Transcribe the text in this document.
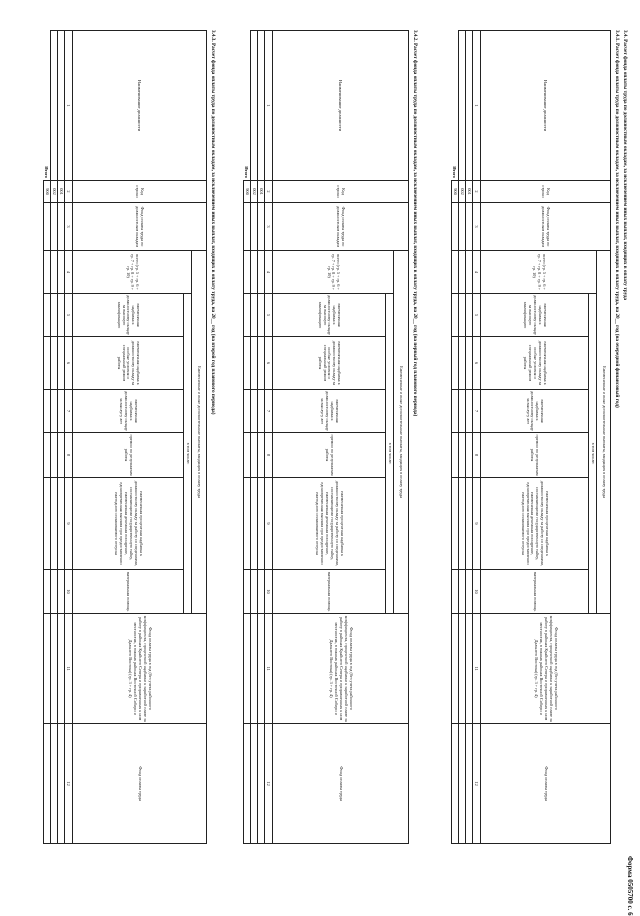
Форма 0505700 с. 6
3.4. Расчет фонда оплаты труда по должностным окладам, за исключением иных выплат, входящих в оплату труда
3.4.1. Расчет фонда оплаты труда по должностным окладам, за исключением иных выплат, входящих в оплату труда, на 20__ год (на очередной финансовый год)
Наименование должности	Код строки	Фонд оплаты труда по должностным окладам	Ежемесячные и иные дополнительные выплаты, входящих в оплату труда							Фонд оплаты труда в год (без учета районного коэффициента, процентной надбавки к заработной плате за работу в районах Крайнего Севера и приравненных к ним местностях, в южных районах Восточной Сибири и Дальнего Востока) (гр. 3 + гр. 4)	Фонд оплаты труда
			всего (гр. 5 + гр. 6 + гр. 7 + гр. 8 + гр. 9 + гр. 10)	в том числе:							
				ежемесячная надбавка к должностному окладу за высокую квалификацию	ежемесячная надбавка к должностному окладу за особые условия и специальный режим работы	ежемесячная надбавка к должностному окладу за выслугу лет	премии по результатам работы	ежемесячная процентная надбавка к должностному окладу за работу со сведениями, составляющими государственную тайну, ежемесячная денежная поощрение, единовременная выплата при предоставлении ежегодного оплачиваемого отпуска	материальная помощь		
1	2	3	4	5	6	7	8	9	10	11	12
	001										
	002										
Итого	900										
3.4.2. Расчет фонда оплаты труда по должностным окладам, за исключением иных выплат, входящих в оплату труда, на 20__ год (на первый год планового периода)
Наименование должности	Код строки	Фонд оплаты труда по должностным окладам	Ежемесячные и иные дополнительные выплаты, входящих в оплату труда							Фонд оплаты труда в год (без учета районного коэффициента, процентной надбавки к заработной плате за работу в районах Крайнего Севера и приравненных к ним местностях, в южных районах Восточной Сибири и Дальнего Востока) (гр. 3 + гр. 4)	Фонд оплаты труда
			всего (гр. 5 + гр. 6 + гр. 7 + гр. 8 + гр. 9 + гр. 10)	в том числе:							
				ежемесячная надбавка к должностному окладу за высокую квалификацию	ежемесячная надбавка к должностному окладу за особые условия и специальный режим работы	ежемесячная надбавка к должностному окладу за выслугу лет	премии по результатам работы	ежемесячная процентная надбавка к должностному окладу за работу со сведениями, составляющими государственную тайну, ежемесячная денежная поощрение, единовременная выплата при предоставлении ежегодного оплачиваемого отпуска	материальная помощь		
1	2	3	4	5	6	7	8	9	10	11	12
	001										
	002										
Итого	900										
3.4.3. Расчет фонда оплаты труда по должностным окладам, за исключением иных выплат, входящих в оплату труда, на 20__ год (на второй год планового периода)
Наименование должности	Код строки	Фонд оплаты труда по должностным окладам	Ежемесячные и иные дополнительные выплаты, входящих в оплату труда							Фонд оплаты труда в год (без учета районного коэффициента, процентной надбавки к заработной плате за работу в районах Крайнего Севера и приравненных к ним местностях, в южных районах Восточной Сибири и Дальнего Востока) (гр. 3 + гр. 4)	Фонд оплаты труда
			всего (гр. 5 + гр. 6 + гр. 7 + гр. 8 + гр. 9 + гр. 10)	в том числе:							
				ежемесячная надбавка к должностному окладу за высокую квалификацию	ежемесячная надбавка к должностному окладу за особые условия и специальный режим работы	ежемесячная надбавка к должностному окладу за выслугу лет	премии по результатам работы	ежемесячная процентная надбавка к должностному окладу за работу со сведениями, составляющими государственную тайну, ежемесячная денежная поощрение, единовременная выплата при предоставлении ежегодного оплачиваемого отпуска	материальная помощь		
1	2	3	4	5	6	7	8	9	10	11	12
	001										
	002										
Итого	900										
